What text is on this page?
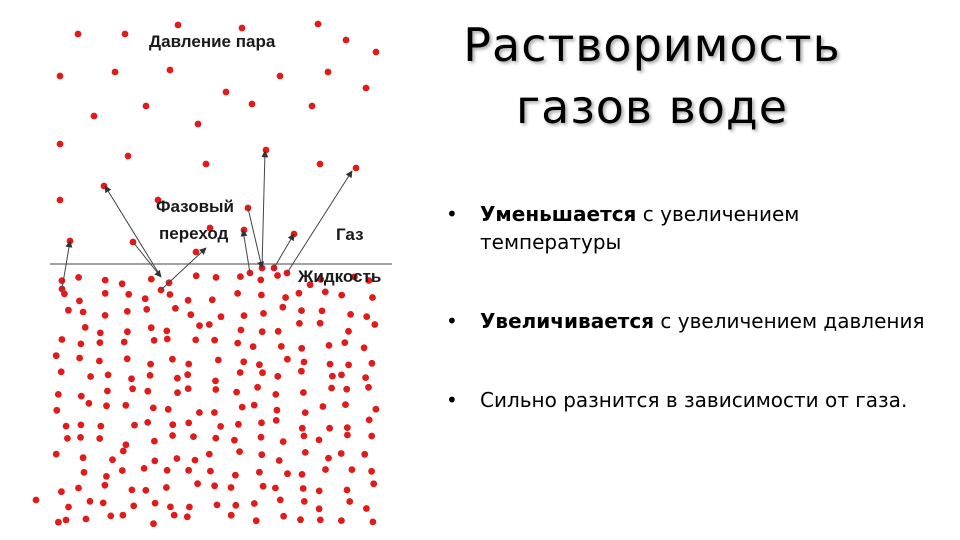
Давление пара
Фазовый
переход	Газ
Жидкость
Растворимость
газов воде
• Уменьшается с увеличением температуры
• Увеличивается с увеличением давления
• Сильно разнится в зависимости от газа.
